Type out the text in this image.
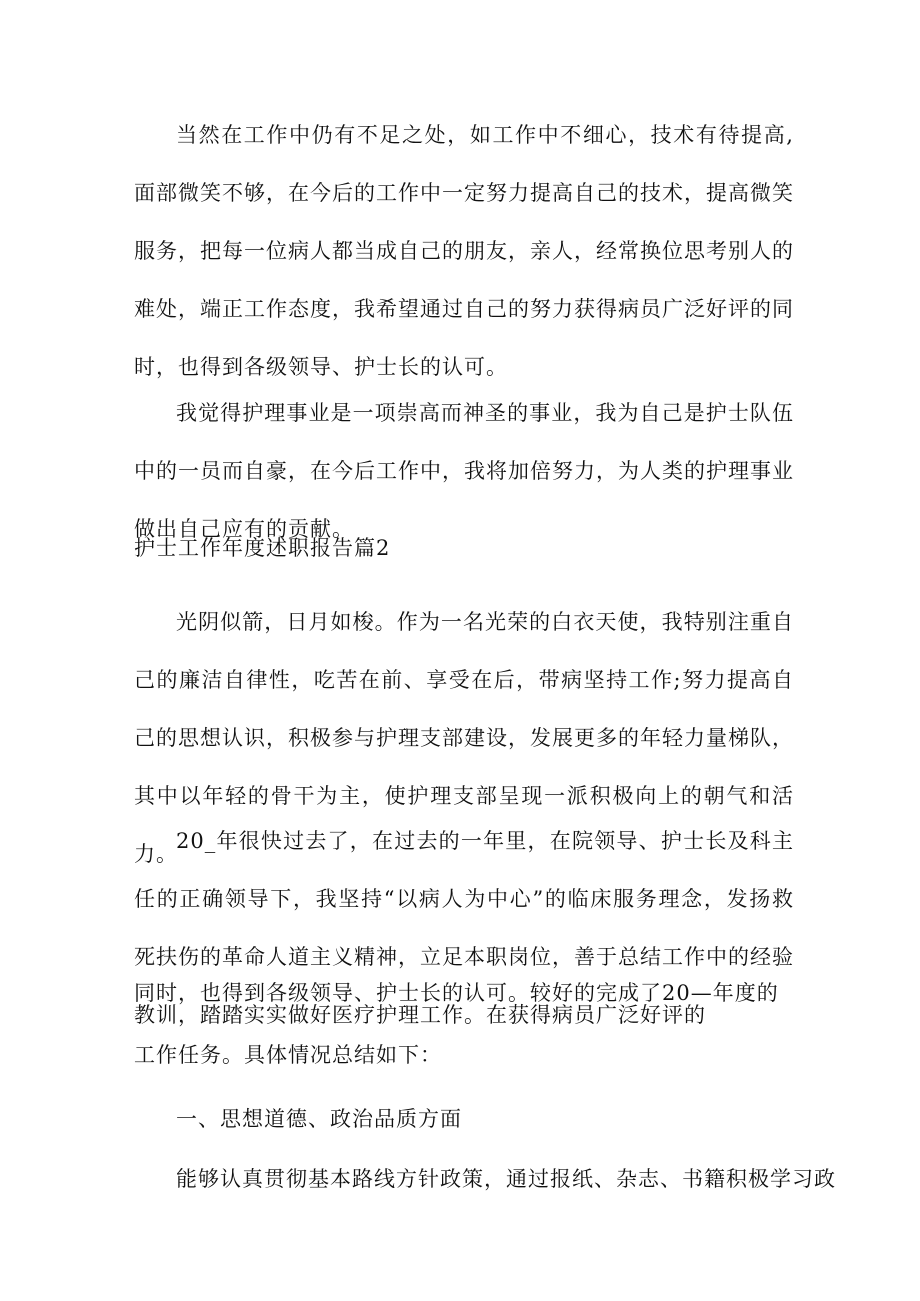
当然在工作中仍有不足之处，如工作中不细心，技术有待提高,面部微笑不够，在今后的工作中一定努力提高自己的技术，提高微笑服务，把每一位病人都当成自己的朋友，亲人，经常换位思考别人的难处，端正工作态度，我希望通过自己的努力获得病员广泛好评的同时，也得到各级领导、护士长的认可。

我觉得护理事业是一项崇高而神圣的事业，我为自己是护士队伍中的一员而自豪，在今后工作中，我将加倍努力，为人类的护理事业做出自己应有的贡献。

护士工作年度述职报告篇2

光阴似箭，日月如梭。作为一名光荣的白衣天使，我特别注重自己的廉洁自律性，吃苦在前、享受在后，带病坚持工作;努力提高自己的思想认识，积极参与护理支部建设，发展更多的年轻力量梯队，其中以年轻的骨干为主，使护理支部呈现一派积极向上的朝气和活力。

20_年很快过去了，在过去的一年里，在院领导、护士长及科主任的正确领导下，我坚持“以病人为中心”的临床服务理念，发扬救死扶伤的革命人道主义精神，立足本职岗位，善于总结工作中的经验教训，踏踏实实做好医疗护理工作。在获得病员广泛好评的

同时，也得到各级领导、护士长的认可。较好的完成了20—年度的

工作任务。具体情况总结如下：

一、思想道德、政治品质方面

能够认真贯彻基本路线方针政策，通过报纸、杂志、书籍积极学习政
